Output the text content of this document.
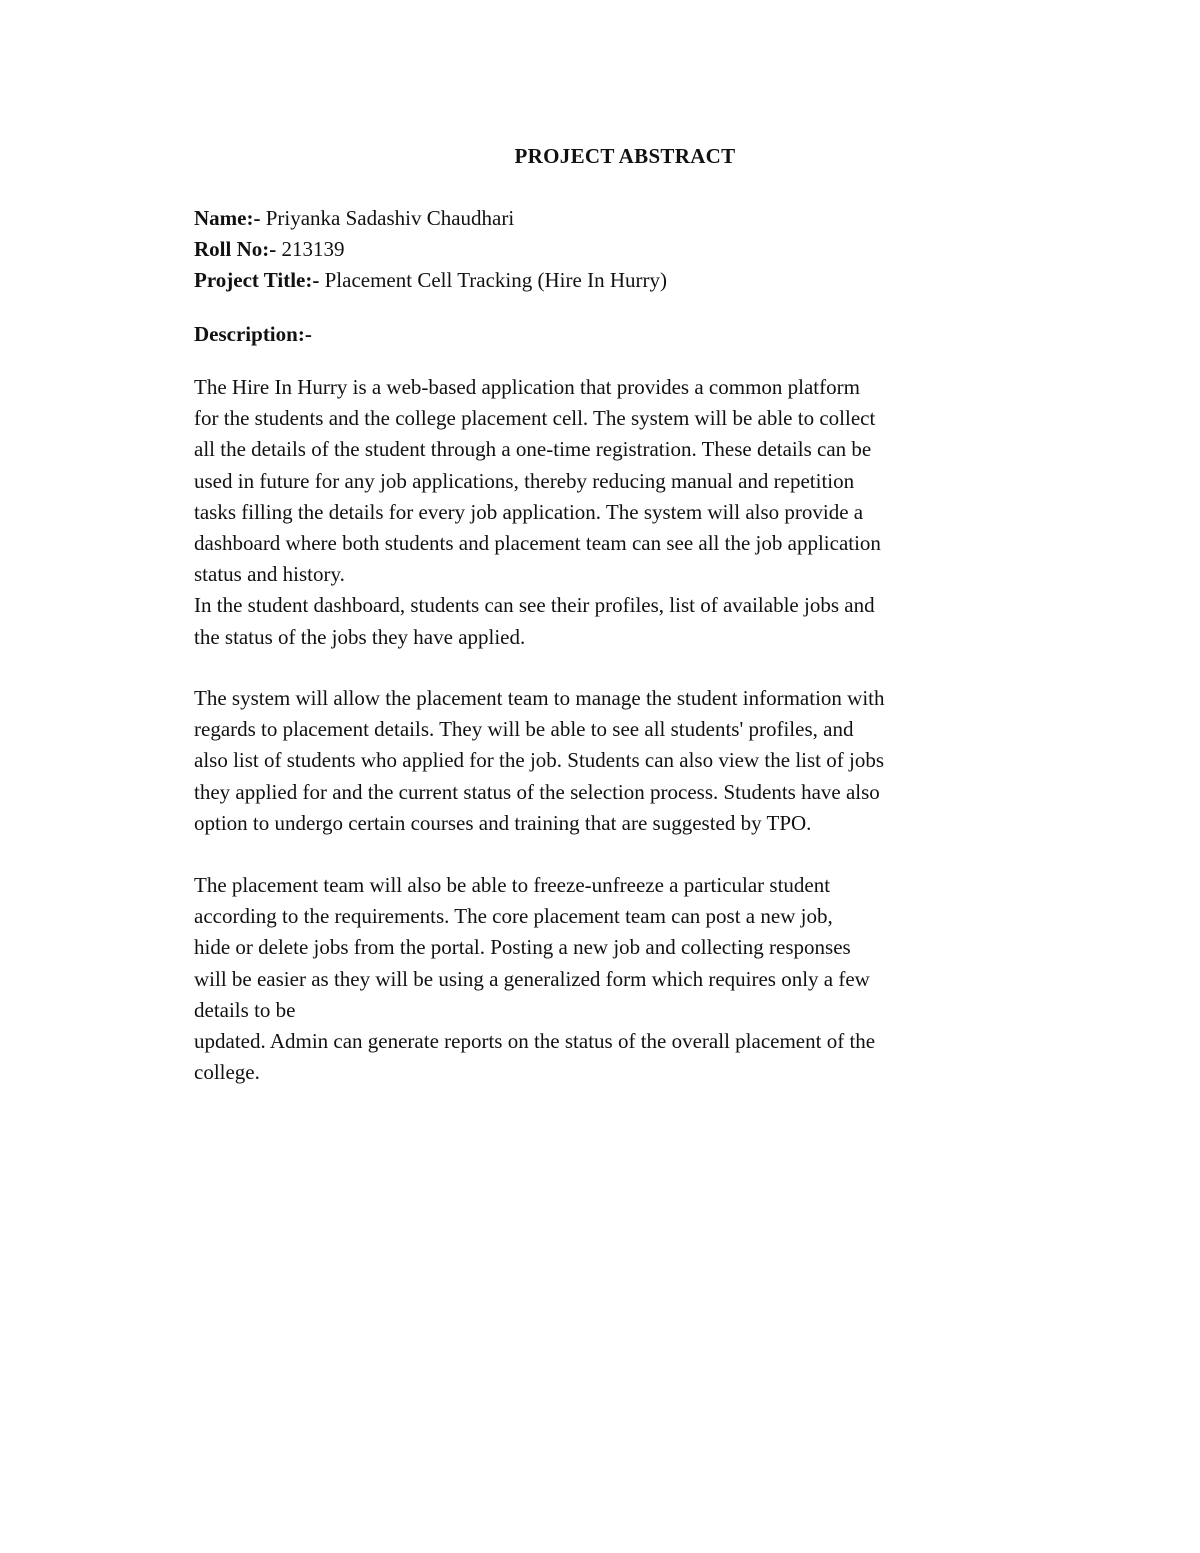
PROJECT ABSTRACT

Name:- Priyanka Sadashiv Chaudhari

Roll No:- 213139

Project Title:- Placement Cell Tracking (Hire In Hurry)

Description:-

The Hire In Hurry is a web-based application that provides a common platform

for the students and the college placement cell. The system will be able to collect

all the details of the student through a one-time registration. These details can be

used in future for any job applications, thereby reducing manual and repetition

tasks filling the details for every job application. The system will also provide a

dashboard where both students and placement team can see all the job application

status and history.

In the student dashboard, students can see their profiles, list of available jobs and

the status of the jobs they have applied.

The system will allow the placement team to manage the student information with

regards to placement details. They will be able to see all students' profiles, and

also list of students who applied for the job. Students can also view the list of jobs

they applied for and the current status of the selection process. Students have also

option to undergo certain courses and training that are suggested by TPO.

The placement team will also be able to freeze-unfreeze a particular student

according to the requirements. The core placement team can post a new job,

hide or delete jobs from the portal. Posting a new job and collecting responses

will be easier as they will be using a generalized form which requires only a few

details to be

updated. Admin can generate reports on the status of the overall placement of the

college.
